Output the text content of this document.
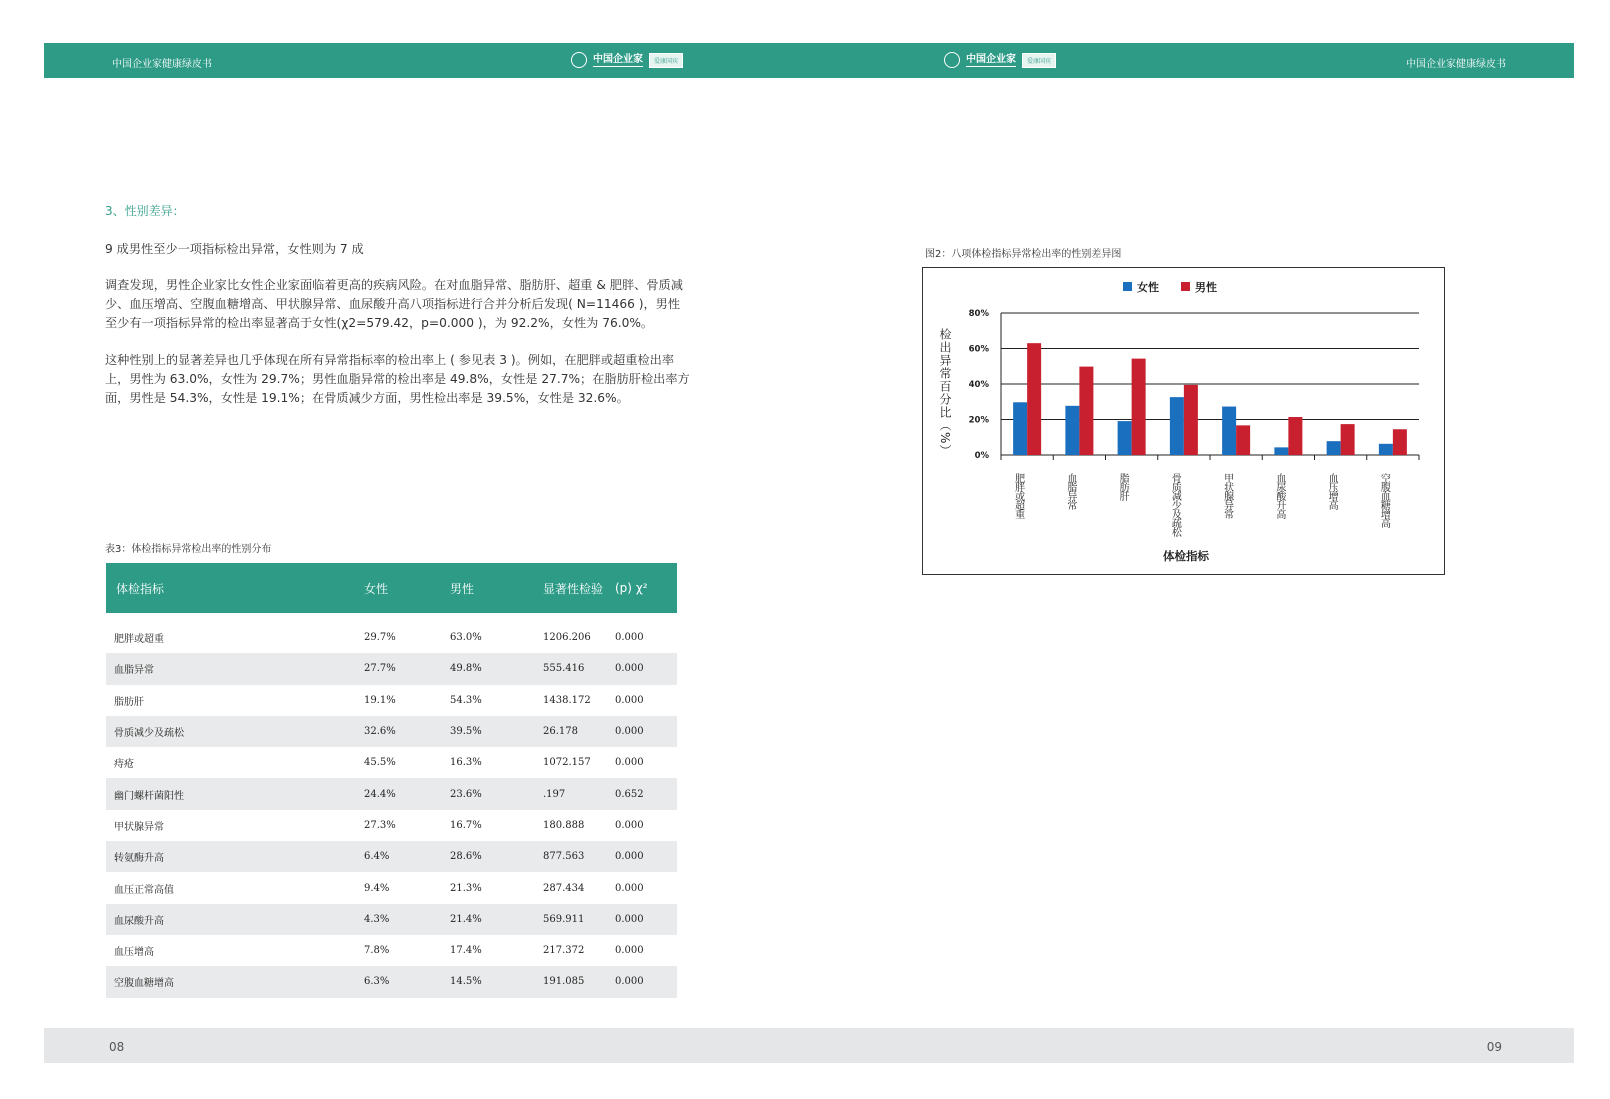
中国企业家健康绿皮书	中国企业家	爱康国宾	中国企业家	爱康国宾	中国企业家健康绿皮书
3、性别差异：
9 成男性至少一项指标检出异常，女性则为 7 成
调查发现，男性企业家比女性企业家面临着更高的疾病风险。在对血脂异常、脂肪肝、超重 & 肥胖、骨质减少、血压增高、空腹血糖增高、甲状腺异常、血尿酸升高八项指标进行合并分析后发现( N=11466 )，男性至少有一项指标异常的检出率显著高于女性(χ2=579.42，p=0.000 )，为 92.2%，女性为 76.0%。
这种性别上的显著差异也几乎体现在所有异常指标率的检出率上 ( 参见表 3 )。例如，在肥胖或超重检出率上，男性为 63.0%，女性为 29.7%；男性血脂异常的检出率是 49.8%，女性是 27.7%；在脂肪肝检出率方面，男性是 54.3%，女性是 19.1%；在骨质减少方面，男性检出率是 39.5%，女性是 32.6%。
表3：体检指标异常检出率的性别分布
体检指标	女性	男性	显著性检验	(p) χ²

肥胖或超重	29.7%	63.0%	1206.206	0.000
血脂异常	27.7%	49.8%	555.416	0.000
脂肪肝	19.1%	54.3%	1438.172	0.000
骨质减少及疏松	32.6%	39.5%	26.178	0.000
痔疮	45.5%	16.3%	1072.157	0.000
幽门螺杆菌阳性	24.4%	23.6%	.197	0.652
甲状腺异常	27.3%	16.7%	180.888	0.000
转氨酶升高	6.4%	28.6%	877.563	0.000
血压正常高值	9.4%	21.3%	287.434	0.000
血尿酸升高	4.3%	21.4%	569.911	0.000
血压增高	7.8%	17.4%	217.372	0.000
空腹血糖增高	6.3%	14.5%	191.085	0.000
图2：八项体检指标异常检出率的性别差异图
女性	男性
0%
20%
40%
60%
80%
检出异常百分比（%）
肥胖或超重	血脂异常	脂肪肝	骨质减少及疏松	甲状腺异常	血尿酸升高	血压增高	空腹血糖增高
体检指标
08	09
